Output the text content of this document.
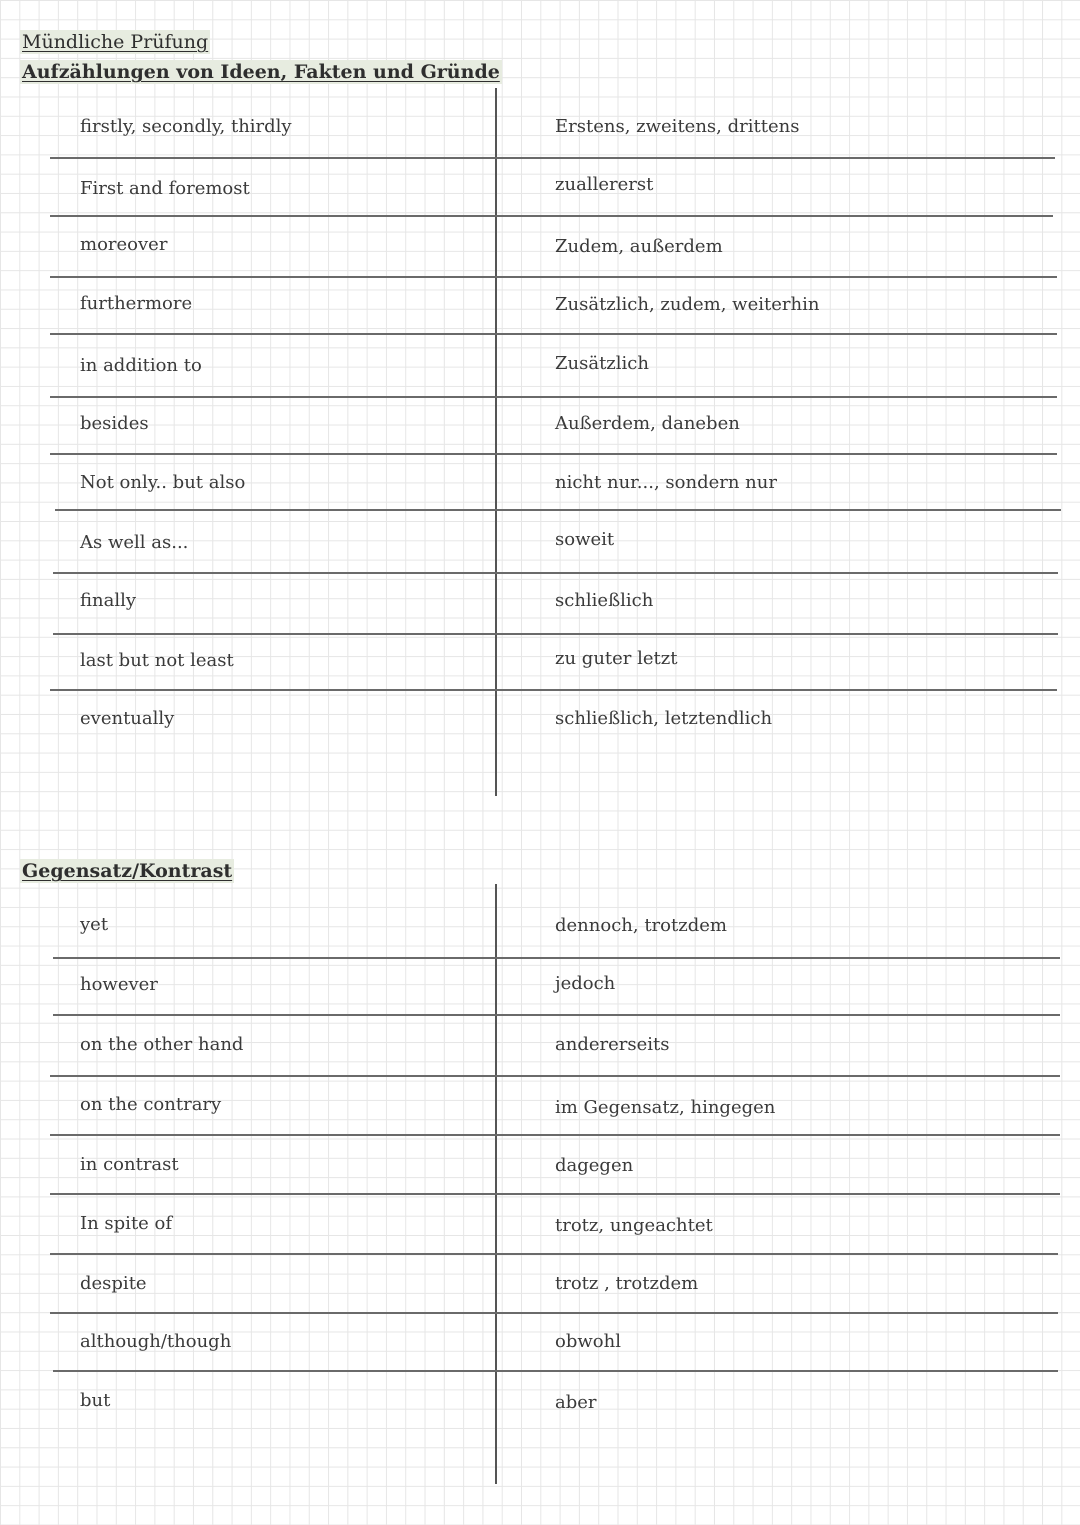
Mündliche Prüfung
Aufzählungen von Ideen, Fakten und Gründe
firstly, secondly, thirdly	Erstens, zweitens, drittens
First and foremost	zuallererst
moreover	Zudem, außerdem
furthermore	Zusätzlich, zudem, weiterhin
in addition to	Zusätzlich
besides	Außerdem, daneben
Not only.. but also	nicht nur..., sondern nur
As well as...	soweit
finally	schließlich
last but not least	zu guter letzt
eventually	schließlich, letztendlich
Gegensatz/Kontrast
yet	dennoch, trotzdem
however	jedoch
on the other hand	andererseits
on the contrary	im Gegensatz, hingegen
in contrast	dagegen
In spite of	trotz, ungeachtet
despite	trotz , trotzdem
although/though	obwohl
but	aber
